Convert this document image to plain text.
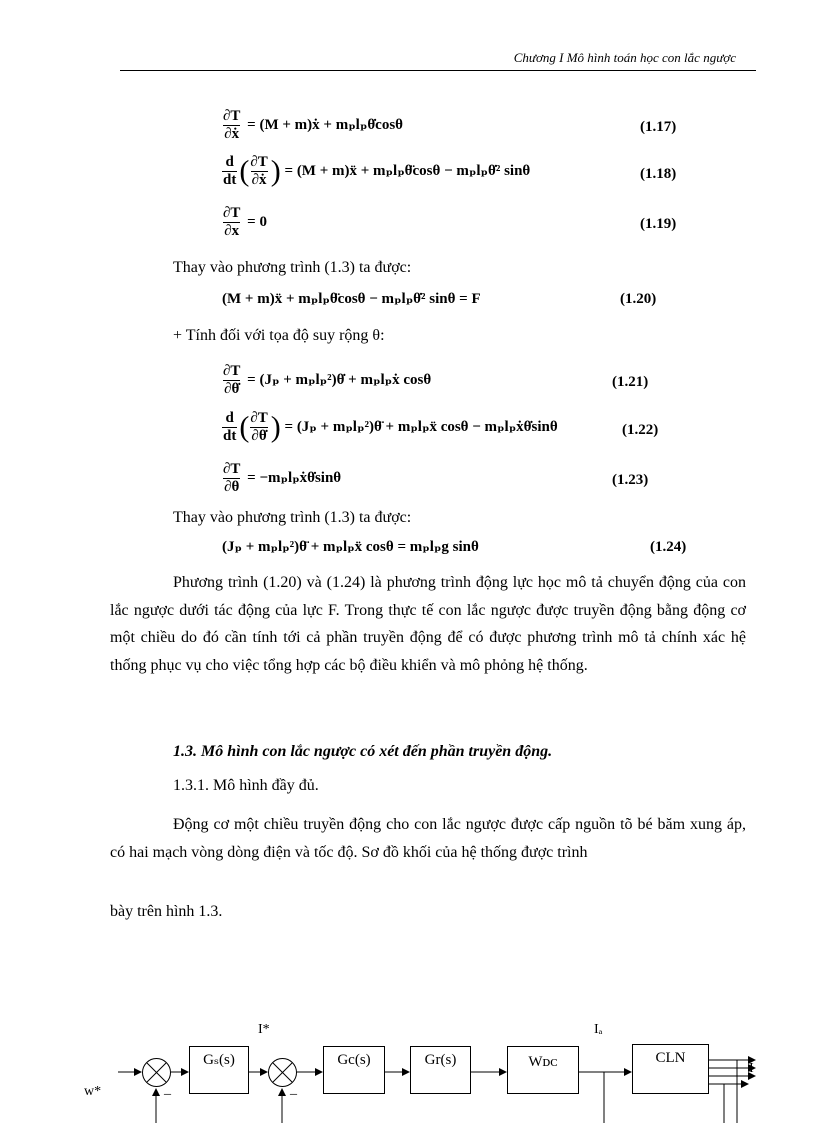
Chương I Mô hình toán học con lắc ngược
$\frac{\partial T}{\text{∂ẋ}} = (M$ + m)ẋ + mₚlₚθ̇cosθ	(1.17)
$\frac{d}{dt}$ ( $\frac{\partial T}{\text{∂ẋ}}$ ) = (M + m)ẍ + mₚlₚθ̈cosθ − mₚlₚθ̇² sinθ	(1.18)
$\frac{\partial T}{\partial x} = 0$	(1.19)
Thay vào phương trình (1.3) ta được:
(M + m)ẍ + mₚlₚθ̈cosθ − mₚlₚθ̇² sinθ = F	(1.20)
+ Tính đối với tọa độ suy rộng θ:
$\frac{\partial T}{\partial\thetȧ} = (J_p$ + mₚlₚ²)θ̇ + mₚlₚẋ cosθ	(1.21)
$\frac{d}{dt}$ ( $\frac{\partial T}{\partial\thetȧ}$ ) = (Jₚ + mₚlₚ²)θ̈ + mₚlₚẍ cosθ − mₚlₚẋθ̇sinθ	(1.22)
$\frac{\partial T}{\partial\theta}$ = −mₚlₚẋθ̇sinθ	(1.23)
Thay vào phương trình (1.3) ta được:
(Jₚ + mₚlₚ²)θ̈ + mₚlₚẍ cosθ = mₚlₚg sinθ	(1.24)
Phương trình (1.20) và (1.24) là phương trình động lực học mô tả chuyển động của con lắc ngược dưới tác động của lực F. Trong thực tế con lắc ngược được truyền động bằng động cơ một chiều do đó cần tính tới cả phần truyền động để có được phương trình mô tả chính xác hệ thống phục vụ cho việc tổng hợp các bộ điều khiển và mô phỏng hệ thống.
1.3. Mô hình con lắc ngược có xét đến phần truyền động.
1.3.1. Mô hình đầy đủ.
Động cơ một chiều truyền động cho con lắc ngược được cấp nguồn tõ bé băm xung áp, có hai mạch vòng dòng điện và tốc độ. Sơ đồ khối của hệ thống được trình
bày trên hình 1.3.
Gₛ(s)	Gc(s)	Gr(s)	Wᴅᴄ	CLN
w*
I*	Iₐ
I
_	_
